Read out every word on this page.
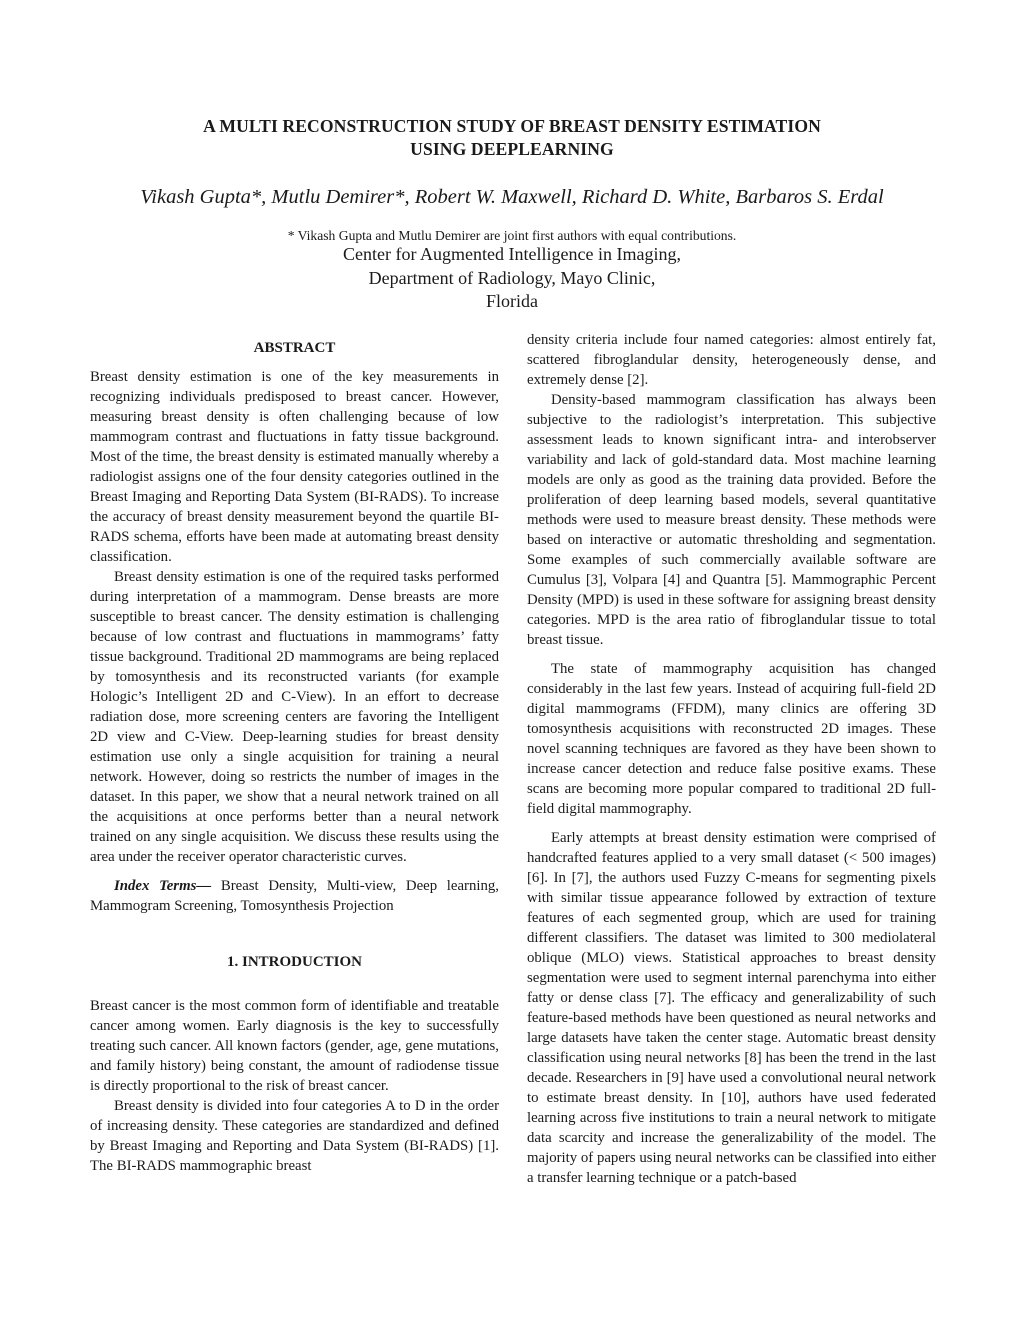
A MULTI RECONSTRUCTION STUDY OF BREAST DENSITY ESTIMATION
USING DEEPLEARNING
Vikash Gupta*, Mutlu Demirer*, Robert W. Maxwell, Richard D. White, Barbaros S. Erdal
* Vikash Gupta and Mutlu Demirer are joint first authors with equal contributions.
Center for Augmented Intelligence in Imaging,
Department of Radiology, Mayo Clinic,
Florida
ABSTRACT

Breast density estimation is one of the key measurements in recognizing individuals predisposed to breast cancer. However, measuring breast density is often challenging because of low mammogram contrast and fluctuations in fatty tissue background. Most of the time, the breast density is estimated manually whereby a radiologist assigns one of the four density categories outlined in the Breast Imaging and Reporting Data System (BI-RADS). To increase the accuracy of breast density measurement beyond the quartile BI-RADS schema, efforts have been made at automating breast density classification.

Breast density estimation is one of the required tasks performed during interpretation of a mammogram. Dense breasts are more susceptible to breast cancer. The density estimation is challenging because of low contrast and fluctuations in mammograms’ fatty tissue background. Traditional 2D mammograms are being replaced by tomosynthesis and its reconstructed variants (for example Hologic’s Intelligent 2D and C-View). In an effort to decrease radiation dose, more screening centers are favoring the Intelligent 2D view and C-View. Deep-learning studies for breast density estimation use only a single acquisition for training a neural network. However, doing so restricts the number of images in the dataset. In this paper, we show that a neural network trained on all the acquisitions at once performs better than a neural network trained on any single acquisition. We discuss these results using the area under the receiver operator characteristic curves.

Index Terms— Breast Density, Multi-view, Deep learning, Mammogram Screening, Tomosynthesis Projection

1. INTRODUCTION

Breast cancer is the most common form of identifiable and treatable cancer among women. Early diagnosis is the key to successfully treating such cancer. All known factors (gender, age, gene mutations, and family history) being constant, the amount of radiodense tissue is directly proportional to the risk of breast cancer.

Breast density is divided into four categories A to D in the order of increasing density. These categories are standardized and defined by Breast Imaging and Reporting and Data System (BI-RADS) [1]. The BI-RADS mammographic breast

density criteria include four named categories: almost entirely fat, scattered fibroglandular density, heterogeneously dense, and extremely dense [2].

Density-based mammogram classification has always been subjective to the radiologist’s interpretation. This subjective assessment leads to known significant intra- and interobserver variability and lack of gold-standard data. Most machine learning models are only as good as the training data provided. Before the proliferation of deep learning based models, several quantitative methods were used to measure breast density. These methods were based on interactive or automatic thresholding and segmentation. Some examples of such commercially available software are Cumulus [3], Volpara [4] and Quantra [5]. Mammographic Percent Density (MPD) is used in these software for assigning breast density categories. MPD is the area ratio of fibroglandular tissue to total breast tissue.

The state of mammography acquisition has changed considerably in the last few years. Instead of acquiring full-field 2D digital mammograms (FFDM), many clinics are offering 3D tomosynthesis acquisitions with reconstructed 2D images. These novel scanning techniques are favored as they have been shown to increase cancer detection and reduce false positive exams. These scans are becoming more popular compared to traditional 2D full-field digital mammography.

Early attempts at breast density estimation were comprised of handcrafted features applied to a very small dataset (< 500 images) [6]. In [7], the authors used Fuzzy C-means for segmenting pixels with similar tissue appearance followed by extraction of texture features of each segmented group, which are used for training different classifiers. The dataset was limited to 300 mediolateral oblique (MLO) views. Statistical approaches to breast density segmentation were used to segment internal parenchyma into either fatty or dense class [7]. The efficacy and generalizability of such feature-based methods have been questioned as neural networks and large datasets have taken the center stage. Automatic breast density classification using neural networks [8] has been the trend in the last decade. Researchers in [9] have used a convolutional neural network to estimate breast density. In [10], authors have used federated learning across five institutions to train a neural network to mitigate data scarcity and increase the generalizability of the model. The majority of papers using neural networks can be classified into either a transfer learning technique or a patch-based
